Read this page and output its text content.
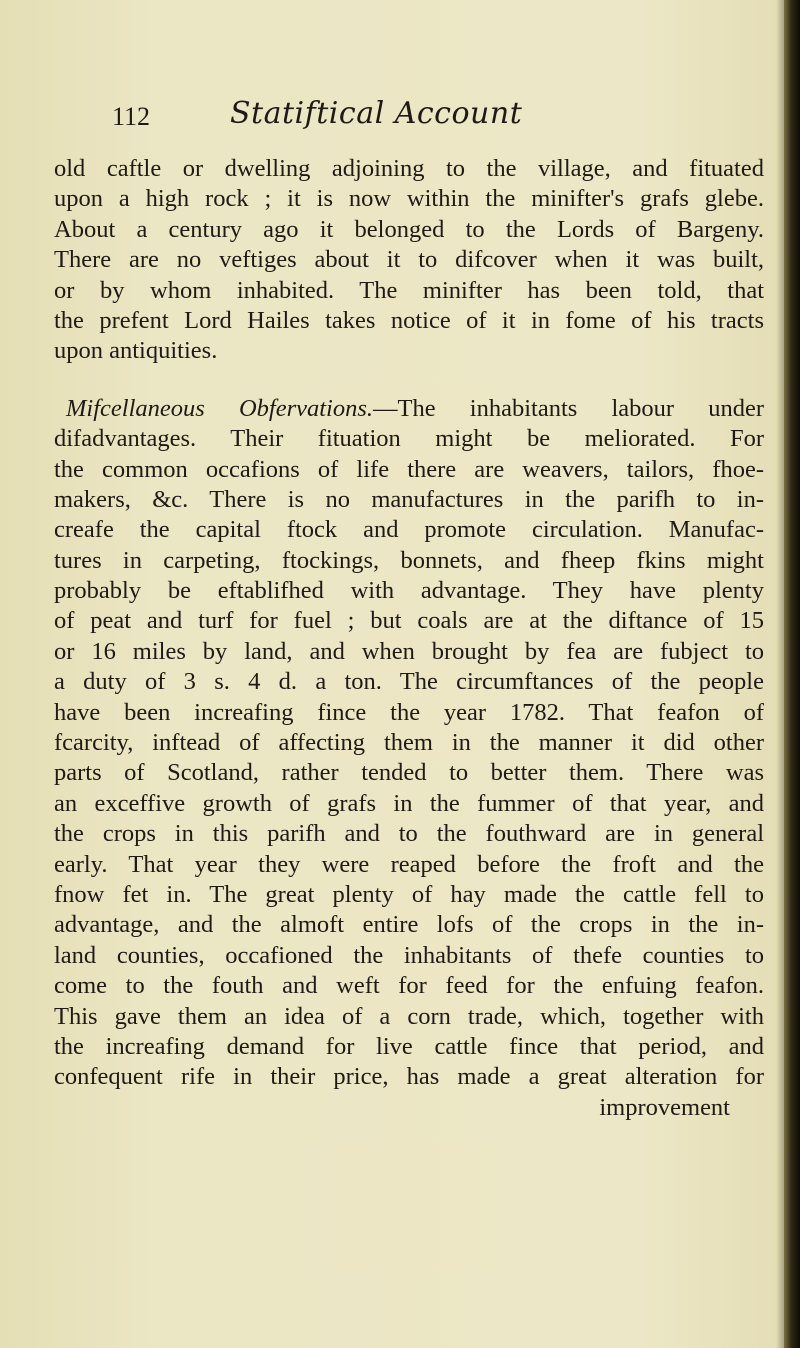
112	Statiftical Account

old caftle or dwelling adjoining to the village, and fituated
upon a high rock ; it is now within the minifter's grafs glebe.
About a century ago it belonged to the Lords of Bargeny.
There are no veftiges about it to difcover when it was built,
or by whom inhabited. The minifter has been told, that
the prefent Lord Hailes takes notice of it in fome of his tracts
upon antiquities.

Mifcellaneous Obfervations.—The inhabitants labour under
difadvantages. Their fituation might be meliorated. For
the common occafions of life there are weavers, tailors, fhoe-
makers, &c. There is no manufactures in the parifh to in-
creafe the capital ftock and promote circulation. Manufac-
tures in carpeting, ftockings, bonnets, and fheep fkins might
probably be eftablifhed with advantage. They have plenty
of peat and turf for fuel ; but coals are at the diftance of 15
or 16 miles by land, and when brought by fea are fubject to
a duty of 3 s. 4 d. a ton. The circumftances of the people
have been increafing fince the year 1782. That feafon of
fcarcity, inftead of affecting them in the manner it did other
parts of Scotland, rather tended to better them. There was
an exceffive growth of grafs in the fummer of that year, and
the crops in this parifh and to the fouthward are in general
early. That year they were reaped before the froft and the
fnow fet in. The great plenty of hay made the cattle fell to
advantage, and the almoft entire lofs of the crops in the in-
land counties, occafioned the inhabitants of thefe counties to
come to the fouth and weft for feed for the enfuing feafon.
This gave them an idea of a corn trade, which, together with
the increafing demand for live cattle fince that period, and
confequent rife in their price, has made a great alteration for
improvement
